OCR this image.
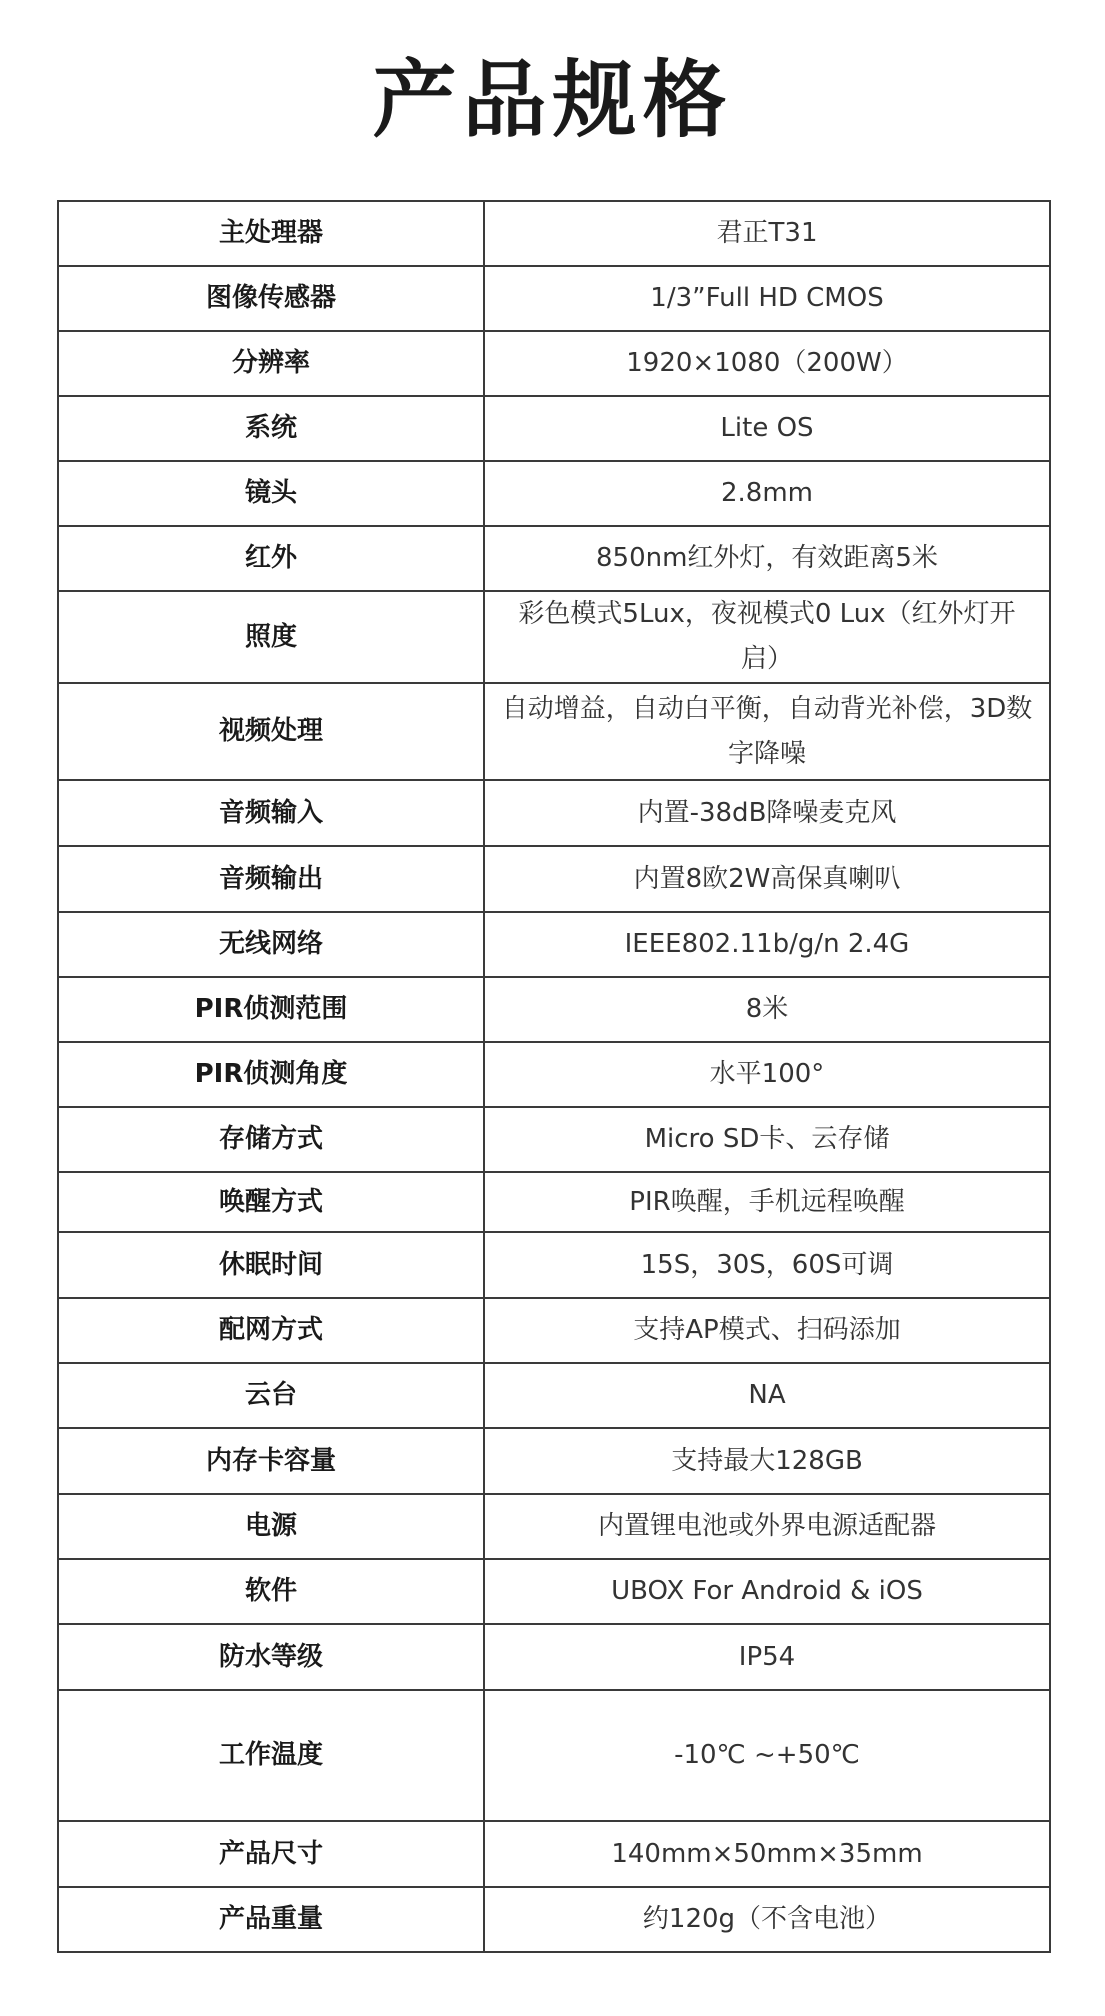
产品规格
主处理器	君正T31
图像传感器	1/3”Full HD CMOS
分辨率	1920×1080（200W）
系统	Lite OS
镜头	2.8mm
红外	850nm红外灯，有效距离5米
照度	彩色模式5Lux，夜视模式0 Lux（红外灯开启）
视频处理	自动增益，自动白平衡，自动背光补偿，3D数字降噪
音频输入	内置-38dB降噪麦克风
音频输出	内置8欧2W高保真喇叭
无线网络	IEEE802.11b/g/n 2.4G
PIR侦测范围	8米
PIR侦测角度	水平100°
存储方式	Micro SD卡、云存储
唤醒方式	PIR唤醒，手机远程唤醒
休眠时间	15S，30S，60S可调
配网方式	支持AP模式、扫码添加
云台	NA
内存卡容量	支持最大128GB
电源	内置锂电池或外界电源适配器
软件	UBOX For Android & iOS
防水等级	IP54
工作温度	-10℃ ~+50℃
产品尺寸	140mm×50mm×35mm
产品重量	约120g（不含电池）
